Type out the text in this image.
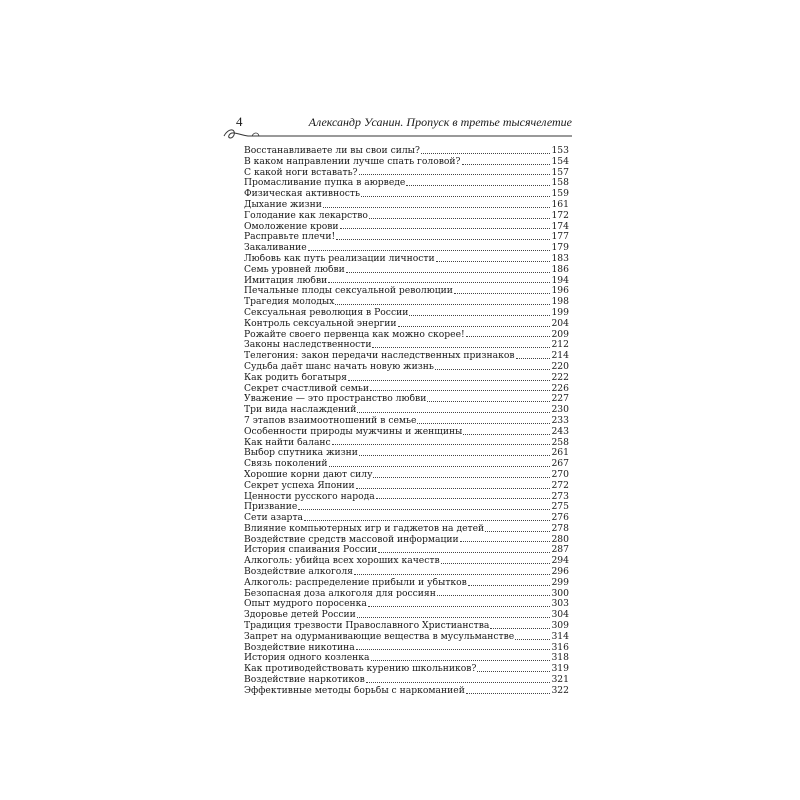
4	Александр Усанин. Пропуск в третье тысячелетие
Восстанавливаете ли вы свои силы?	153
В каком направлении лучше спать головой?	154
С какой ноги вставать?	157
Промасливание пупка в аюрведе	158
Физическая активность	159
Дыхание жизни	161
Голодание как лекарство	172
Омоложение крови	174
Расправьте плечи!	177
Закаливание	179
Любовь как путь реализации личности	183
Семь уровней любви	186
Имитация любви	194
Печальные плоды сексуальной революции	196
Трагедия молодых	198
Сексуальная революция в России	199
Контроль сексуальной энергии	204
Рожайте своего первенца как можно скорее!	209
Законы наследственности	212
Телегония: закон передачи наследственных признаков	214
Судьба даёт шанс начать новую жизнь	220
Как родить богатыря	222
Секрет счастливой семьи	226
Уважение — это пространство любви	227
Три вида наслаждений	230
7 этапов взаимоотношений в семье	233
Особенности природы мужчины и женщины	243
Как найти баланс	258
Выбор спутника жизни	261
Связь поколений	267
Хорошие корни дают силу	270
Секрет успеха Японии	272
Ценности русского народа	273
Призвание	275
Сети азарта	276
Влияние компьютерных игр и гаджетов на детей	278
Воздействие средств массовой информации	280
История спаивания России	287
Алкоголь: убийца всех хороших качеств	294
Воздействие алкоголя	296
Алкоголь: распределение прибыли и убытков	299
Безопасная доза алкоголя для россиян	300
Опыт мудрого поросенка	303
Здоровье детей России	304
Традиция трезвости Православного Христианства	309
Запрет на одурманивающие вещества в мусульманстве	314
Воздействие никотина	316
История одного козленка	318
Как противодействовать курению школьников?	319
Воздействие наркотиков	321
Эффективные методы борьбы с наркоманией	322
